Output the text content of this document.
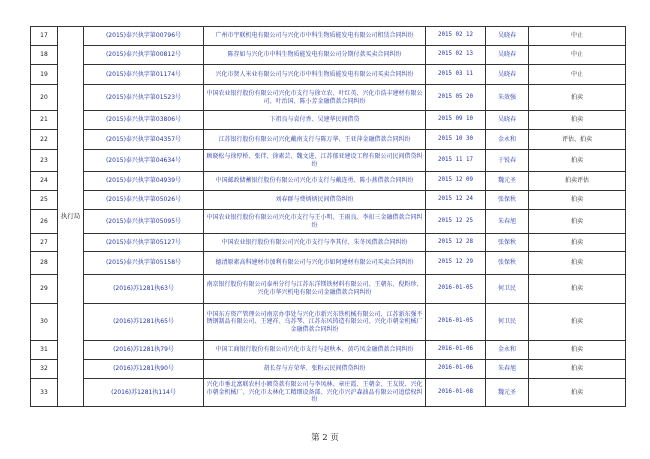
17	执行局	(2015)泰兴执字第00796号	广州市宇联机电有限公司与兴化市中科生物质能发电有限公司租赁合同纠纷	2015 02 12	吴晓春	中止
18		(2015)泰兴执字第00812号	陈存如与兴化市中科生物质能发电有限公司分期付款买卖合同纠纷	2015 02 13	吴晓春	中止
19		(2015)泰兴执字第01174号	兴化市贤人米业有限公司与兴化市中科生物质能发电有限公司买卖合同纠纷	2015 03 11	吴晓春	中止
20		(2015)泰兴执字第01523号	中国农业银行股份有限公司兴化市支行与徐立农、叶红英、兴化市浩丰建材有限公司、叶治国、陈小芳金融借款合同纠纷	2015 05 20	朱效强	拍卖
21		(2015)泰兴执字第03806号	卞祖良与袁付香、吴建华民间借贷	2015 09 10	吴晓春	拍卖
22		(2015)泰兴执字第04357号	江苏银行股份有限公司兴化戴南支行与陈万华、王亚萍金融借款合同纠纷	2015 10 30	金永和	评估、拍卖
23		(2015)泰兴执字第04634号	顾晓松与徐厚桥、张伴、徐素芸、魏文进、江苏郁亚建设工程有限公司民间借贷纠纷	2015 11 17	于锐春	拍卖
24		(2015)泰兴执字第04939号	中国邮政储蓄银行股份有限公司兴化市支行与戴连勇、陈小燕借款合同纠纷	2015 12 09	魏元圣	拍卖评估
25		(2015)泰兴执字第05026号	刘春群与费炳炳民间借贷纠纷	2015 12 24	张保秋	拍卖
26		(2015)泰兴执字第05095号	中国农业银行股份有限公司兴化市支行与王小明、王雨良、李扣三金融借款合同纠纷	2015 12 25	朱春旭	拍卖
27		(2015)泰兴执字第05127号	中国农业银行股份有限公司兴化市支行与李其付、朱冬凤借款合同纠纷	2015 12 28	张保秋	拍卖
28		(2015)泰兴执字第05158号	德清原素高科建材市加利有限公司与兴化市如阿建材有限公司买卖合同纠纷	2015 12 29	张保秋	拍卖
29		(2016)苏1281执63号	南京银行股份有限公司泰州分行与江苏东洋镁铁材料有限公司、王朝东、倪粉珍、兴化市华兴机电有限公司金融借款合同纠纷	2016-01-05	何卫民	拍卖
30		(2016)苏1281执65号	中国东方资产管理公司南京办事处与兴化市新兴东铁机械有限公司、江苏新东强不锈钢制品有限公司、王建祥、乌苏琴、江苏东风铸造有限公司、兴化市朝金机械厂金融借款合同纠纷	2016-01-05	何卫民	拍卖
31		(2016)苏1281执79号	中国工商银行股份有限公司兴化市支行与赵秋本、黄巧凤金融借款合同纠纷	2016-01-06	金永和	拍卖
32		(2016)苏1281执90号	胡长存与方荣华、张粉云民间借贷纠纷	2016-01-06	朱春旭	拍卖
33		(2016)苏1281执114号	兴化市垂北富联农村小额贷款有限公司与李凤林、章庄霞、王朝金、王友锐、兴化市朝金机械厂、兴化市太林化工精细设备部、兴化市兴沪森油品有限公司追偿权纠纷	2016-01-08	魏元圣	拍卖
第 2 页
